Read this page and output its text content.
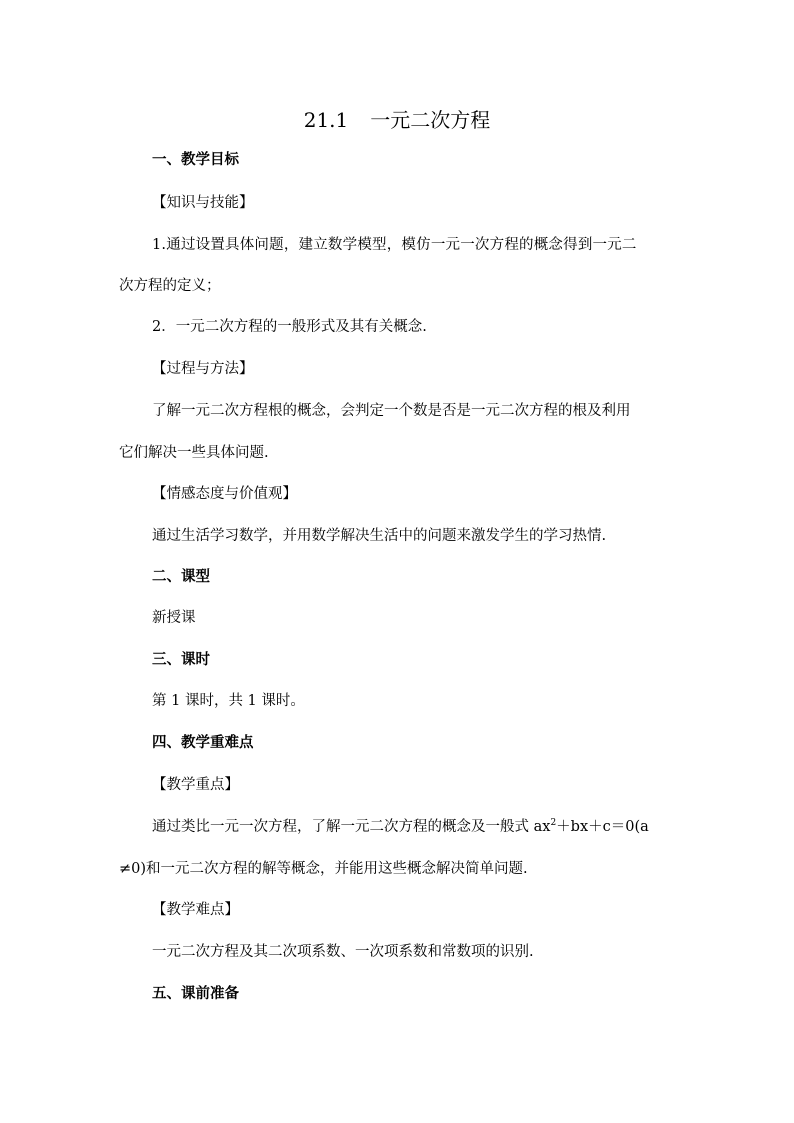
21.1 一元二次方程
一、教学目标
【知识与技能】
1.通过设置具体问题，建立数学模型，模仿一元一次方程的概念得到一元二
次方程的定义；
2．一元二次方程的一般形式及其有关概念.
【过程与方法】
了解一元二次方程根的概念，会判定一个数是否是一元二次方程的根及利用
它们解决一些具体问题.
【情感态度与价值观】
通过生活学习数学，并用数学解决生活中的问题来激发学生的学习热情.
二、课型
新授课
三、课时
第 1 课时，共 1 课时。
四、教学重难点
【教学重点】
通过类比一元一次方程，了解一元二次方程的概念及一般式 $ax^2+bx+c=0(a$
≠0)和一元二次方程的解等概念，并能用这些概念解决简单问题.
【教学难点】
一元二次方程及其二次项系数、一次项系数和常数项的识别.
五、课前准备
